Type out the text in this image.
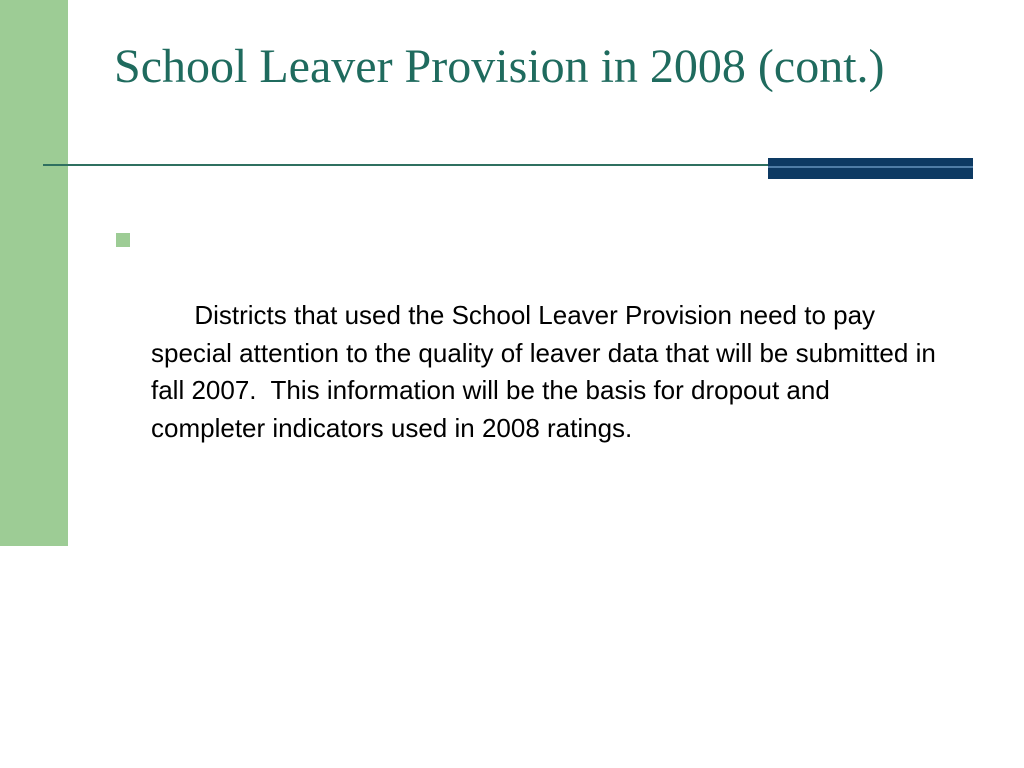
School Leaver Provision in 2008 (cont.)

Districts that used the School Leaver Provision need to pay special attention to the quality of leaver data that will be submitted in fall 2007.  This information will be the basis for dropout and completer indicators used in 2008 ratings.
